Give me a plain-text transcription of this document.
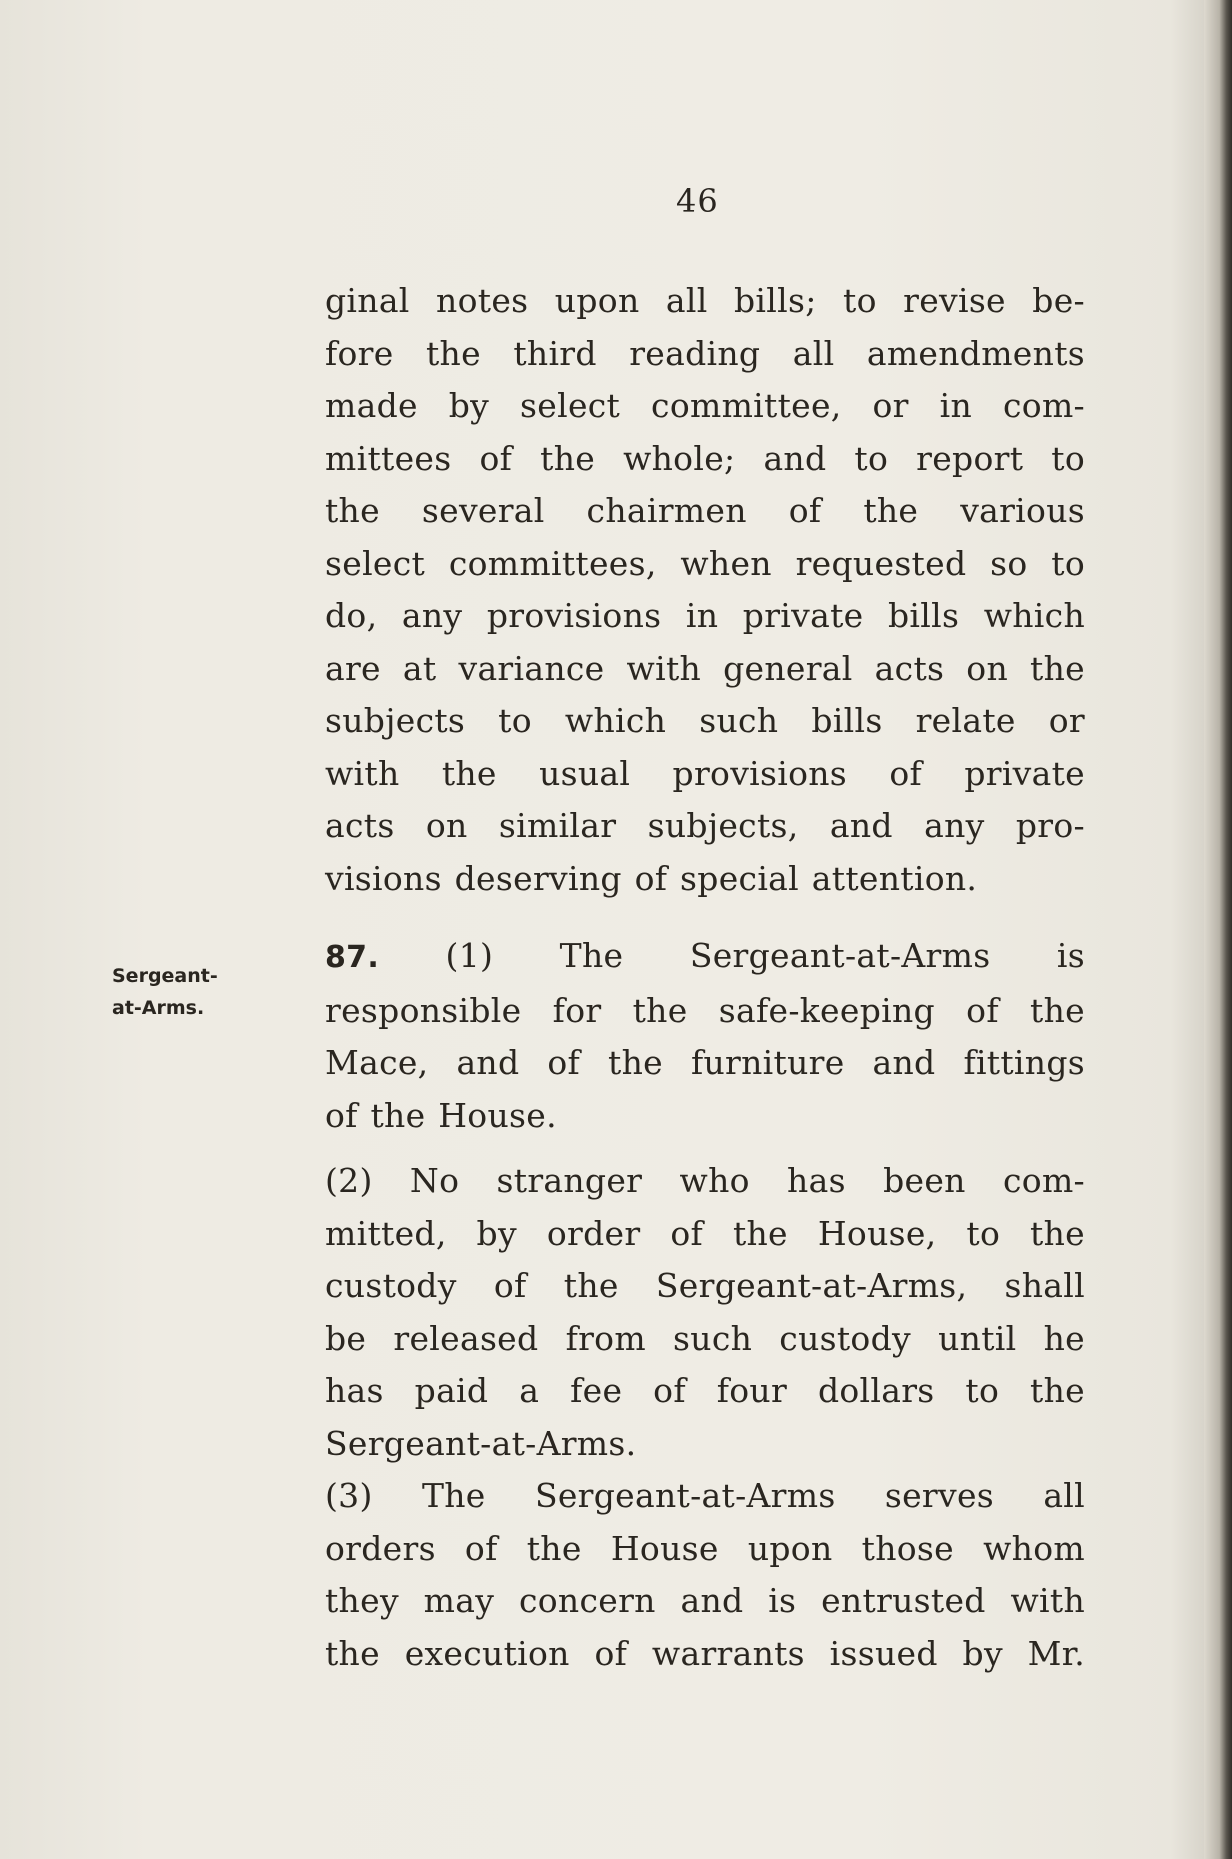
46
ginal notes upon all bills; to revise be-
fore the third reading all amendments
made by select committee, or in com-
mittees of the whole; and to report to
the several chairmen of the various
select committees, when requested so to
do, any provisions in private bills which
are at variance with general acts on the
subjects to which such bills relate or
with the usual provisions of private
acts on similar subjects, and any pro-
visions deserving of special attention.
Sergeant-
at-Arms.
87. (1) The Sergeant-at-Arms is
responsible for the safe-keeping of the
Mace, and of the furniture and fittings
of the House.
(2) No stranger who has been com-
mitted, by order of the House, to the
custody of the Sergeant-at-Arms, shall
be released from such custody until he
has paid a fee of four dollars to the
Sergeant-at-Arms.
(3) The Sergeant-at-Arms serves all
orders of the House upon those whom
they may concern and is entrusted with
the execution of warrants issued by Mr.
